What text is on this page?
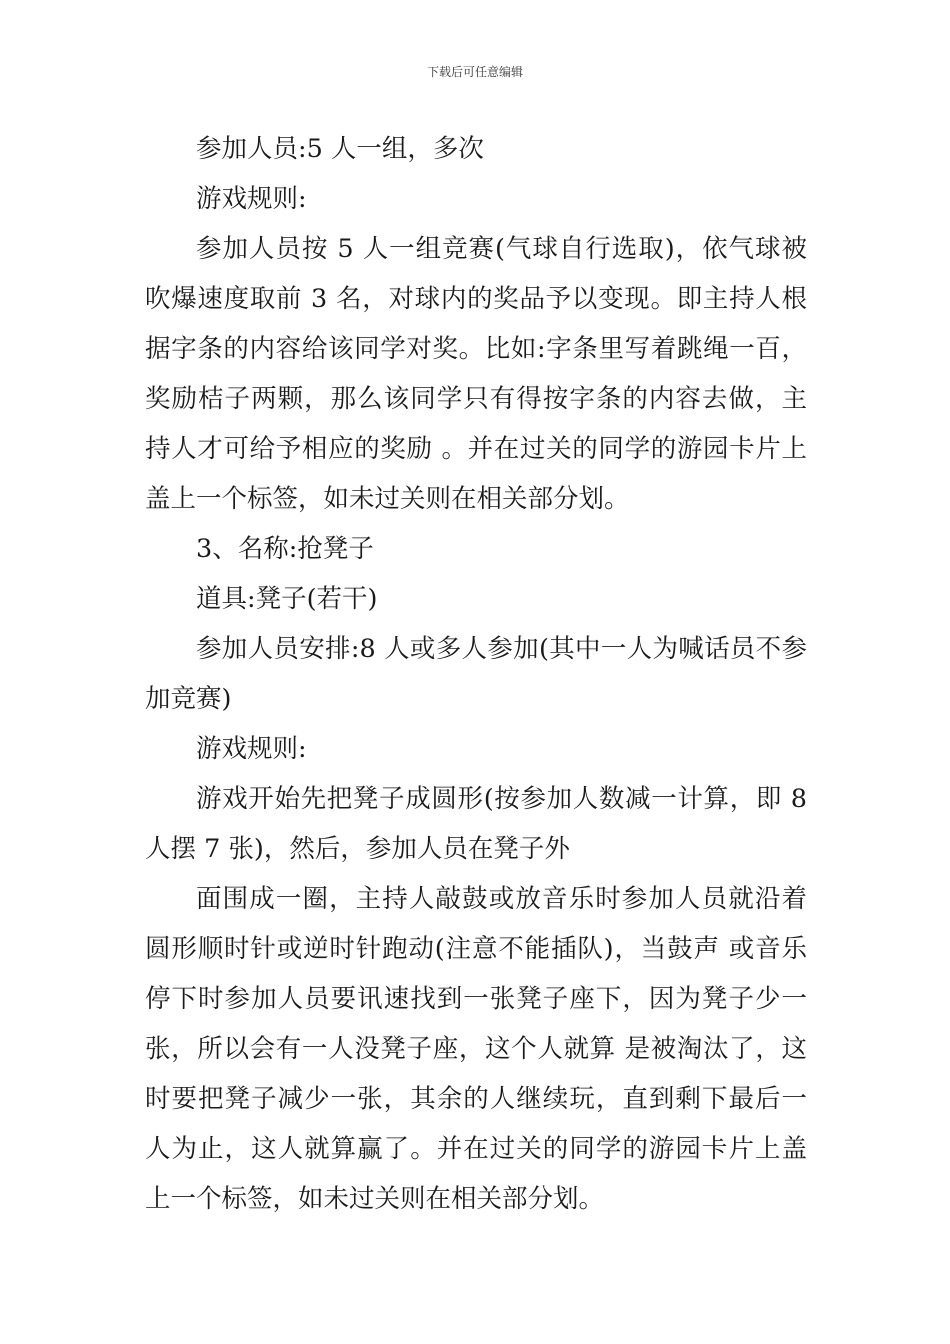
下载后可任意编辑

参加人员:5 人一组，多次

游戏规则:

参加人员按 5 人一组竞赛(气球自行选取)，依气球被吹爆速度取前 3 名，对球内的奖品予以变现。即主持人根据字条的内容给该同学对奖。比如:字条里写着跳绳一百，奖励桔子两颗，那么该同学只有得按字条的内容去做，主持人才可给予相应的奖励 。并在过关的同学的游园卡片上盖上一个标签，如未过关则在相关部分划。

3、名称:抢凳子

道具:凳子(若干)

参加人员安排:8 人或多人参加(其中一人为喊话员不参加竞赛)

游戏规则:

游戏开始先把凳子成圆形(按参加人数减一计算，即 8 人摆 7 张)，然后，参加人员在凳子外

面围成一圈，主持人敲鼓或放音乐时参加人员就沿着圆形顺时针或逆时针跑动(注意不能插队)，当鼓声 或音乐停下时参加人员要讯速找到一张凳子座下，因为凳子少一张，所以会有一人没凳子座，这个人就算 是被淘汰了，这时要把凳子减少一张，其余的人继续玩，直到剩下最后一人为止，这人就算赢了。并在过关的同学的游园卡片上盖上一个标签，如未过关则在相关部分划。
